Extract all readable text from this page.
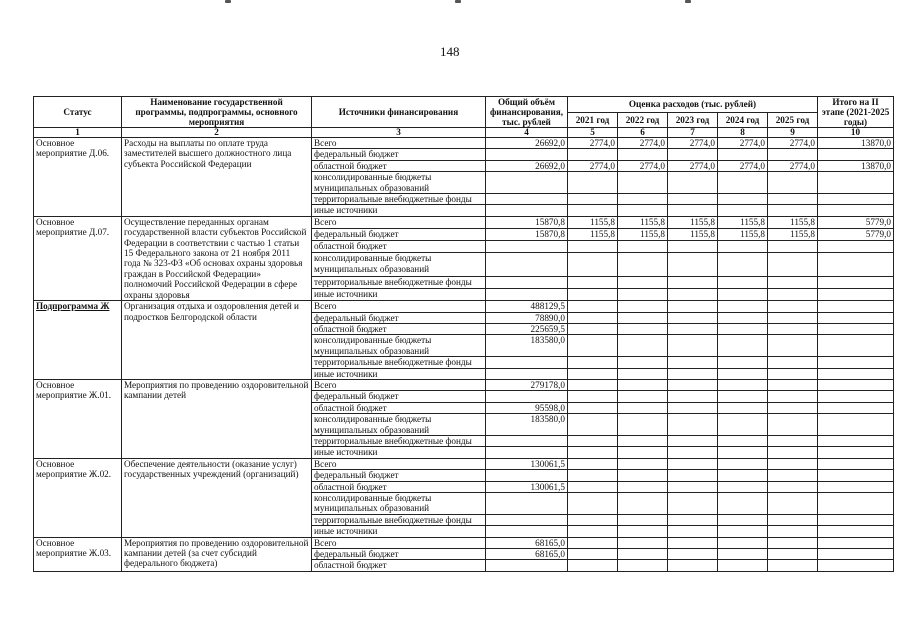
148
Статус	Наименование государственной программы, подпрограммы, основного мероприятия	Источники финансирования	Общий объём финансирования, тыс. рублей	Оценка расходов (тыс. рублей)					Итого на II этапе (2021-2025 годы)
				2021 год	2022 год	2023 год	2024 год	2025 год	
1	2	3	4	5	6	7	8	9	10
Основное мероприятие Д.06.	Расходы на выплаты по оплате труда заместителей высшего должностного лица субъекта Российской Федерации	Всего	26692,0	2774,0	2774,0	2774,0	2774,0	2774,0	13870,0
		федеральный бюджет							
		областной бюджет	26692,0	2774,0	2774,0	2774,0	2774,0	2774,0	13870,0
		консолидированные бюджеты муниципальных образований							
		территориальные внебюджетные фонды							
		иные источники							
Основное мероприятие Д.07.	Осуществление переданных органам государственной власти субъектов Российской Федерации в соответствии с частью 1 статьи 15 Федерального закона от 21 ноября 2011 года № 323-ФЗ «Об основах охраны здоровья граждан в Российской Федерации» полномочий Российской Федерации в сфере охраны здоровья	Всего	15870,8	1155,8	1155,8	1155,8	1155,8	1155,8	5779,0
		федеральный бюджет	15870,8	1155,8	1155,8	1155,8	1155,8	1155,8	5779,0
		областной бюджет							
		консолидированные бюджеты муниципальных образований							
		территориальные внебюджетные фонды							
		иные источники							
Подпрограмма Ж	Организация отдыха и оздоровления детей и подростков Белгородской области	Всего	488129,5						
		федеральный бюджет	78890,0						
		областной бюджет	225659,5						
		консолидированные бюджеты муниципальных образований	183580,0						
		территориальные внебюджетные фонды							
		иные источники							
Основное мероприятие Ж.01.	Мероприятия по проведению оздоровительной кампании детей	Всего	279178,0						
		федеральный бюджет							
		областной бюджет	95598,0						
		консолидированные бюджеты муниципальных образований	183580,0						
		территориальные внебюджетные фонды							
		иные источники							
Основное мероприятие Ж.02.	Обеспечение деятельности (оказание услуг) государственных учреждений (организаций)	Всего	130061,5						
		федеральный бюджет							
		областной бюджет	130061,5						
		консолидированные бюджеты муниципальных образований							
		территориальные внебюджетные фонды							
		иные источники							
Основное мероприятие Ж.03.	Мероприятия по проведению оздоровительной кампании детей (за счет субсидий федерального бюджета)	Всего	68165,0						
		федеральный бюджет	68165,0						
		областной бюджет							
